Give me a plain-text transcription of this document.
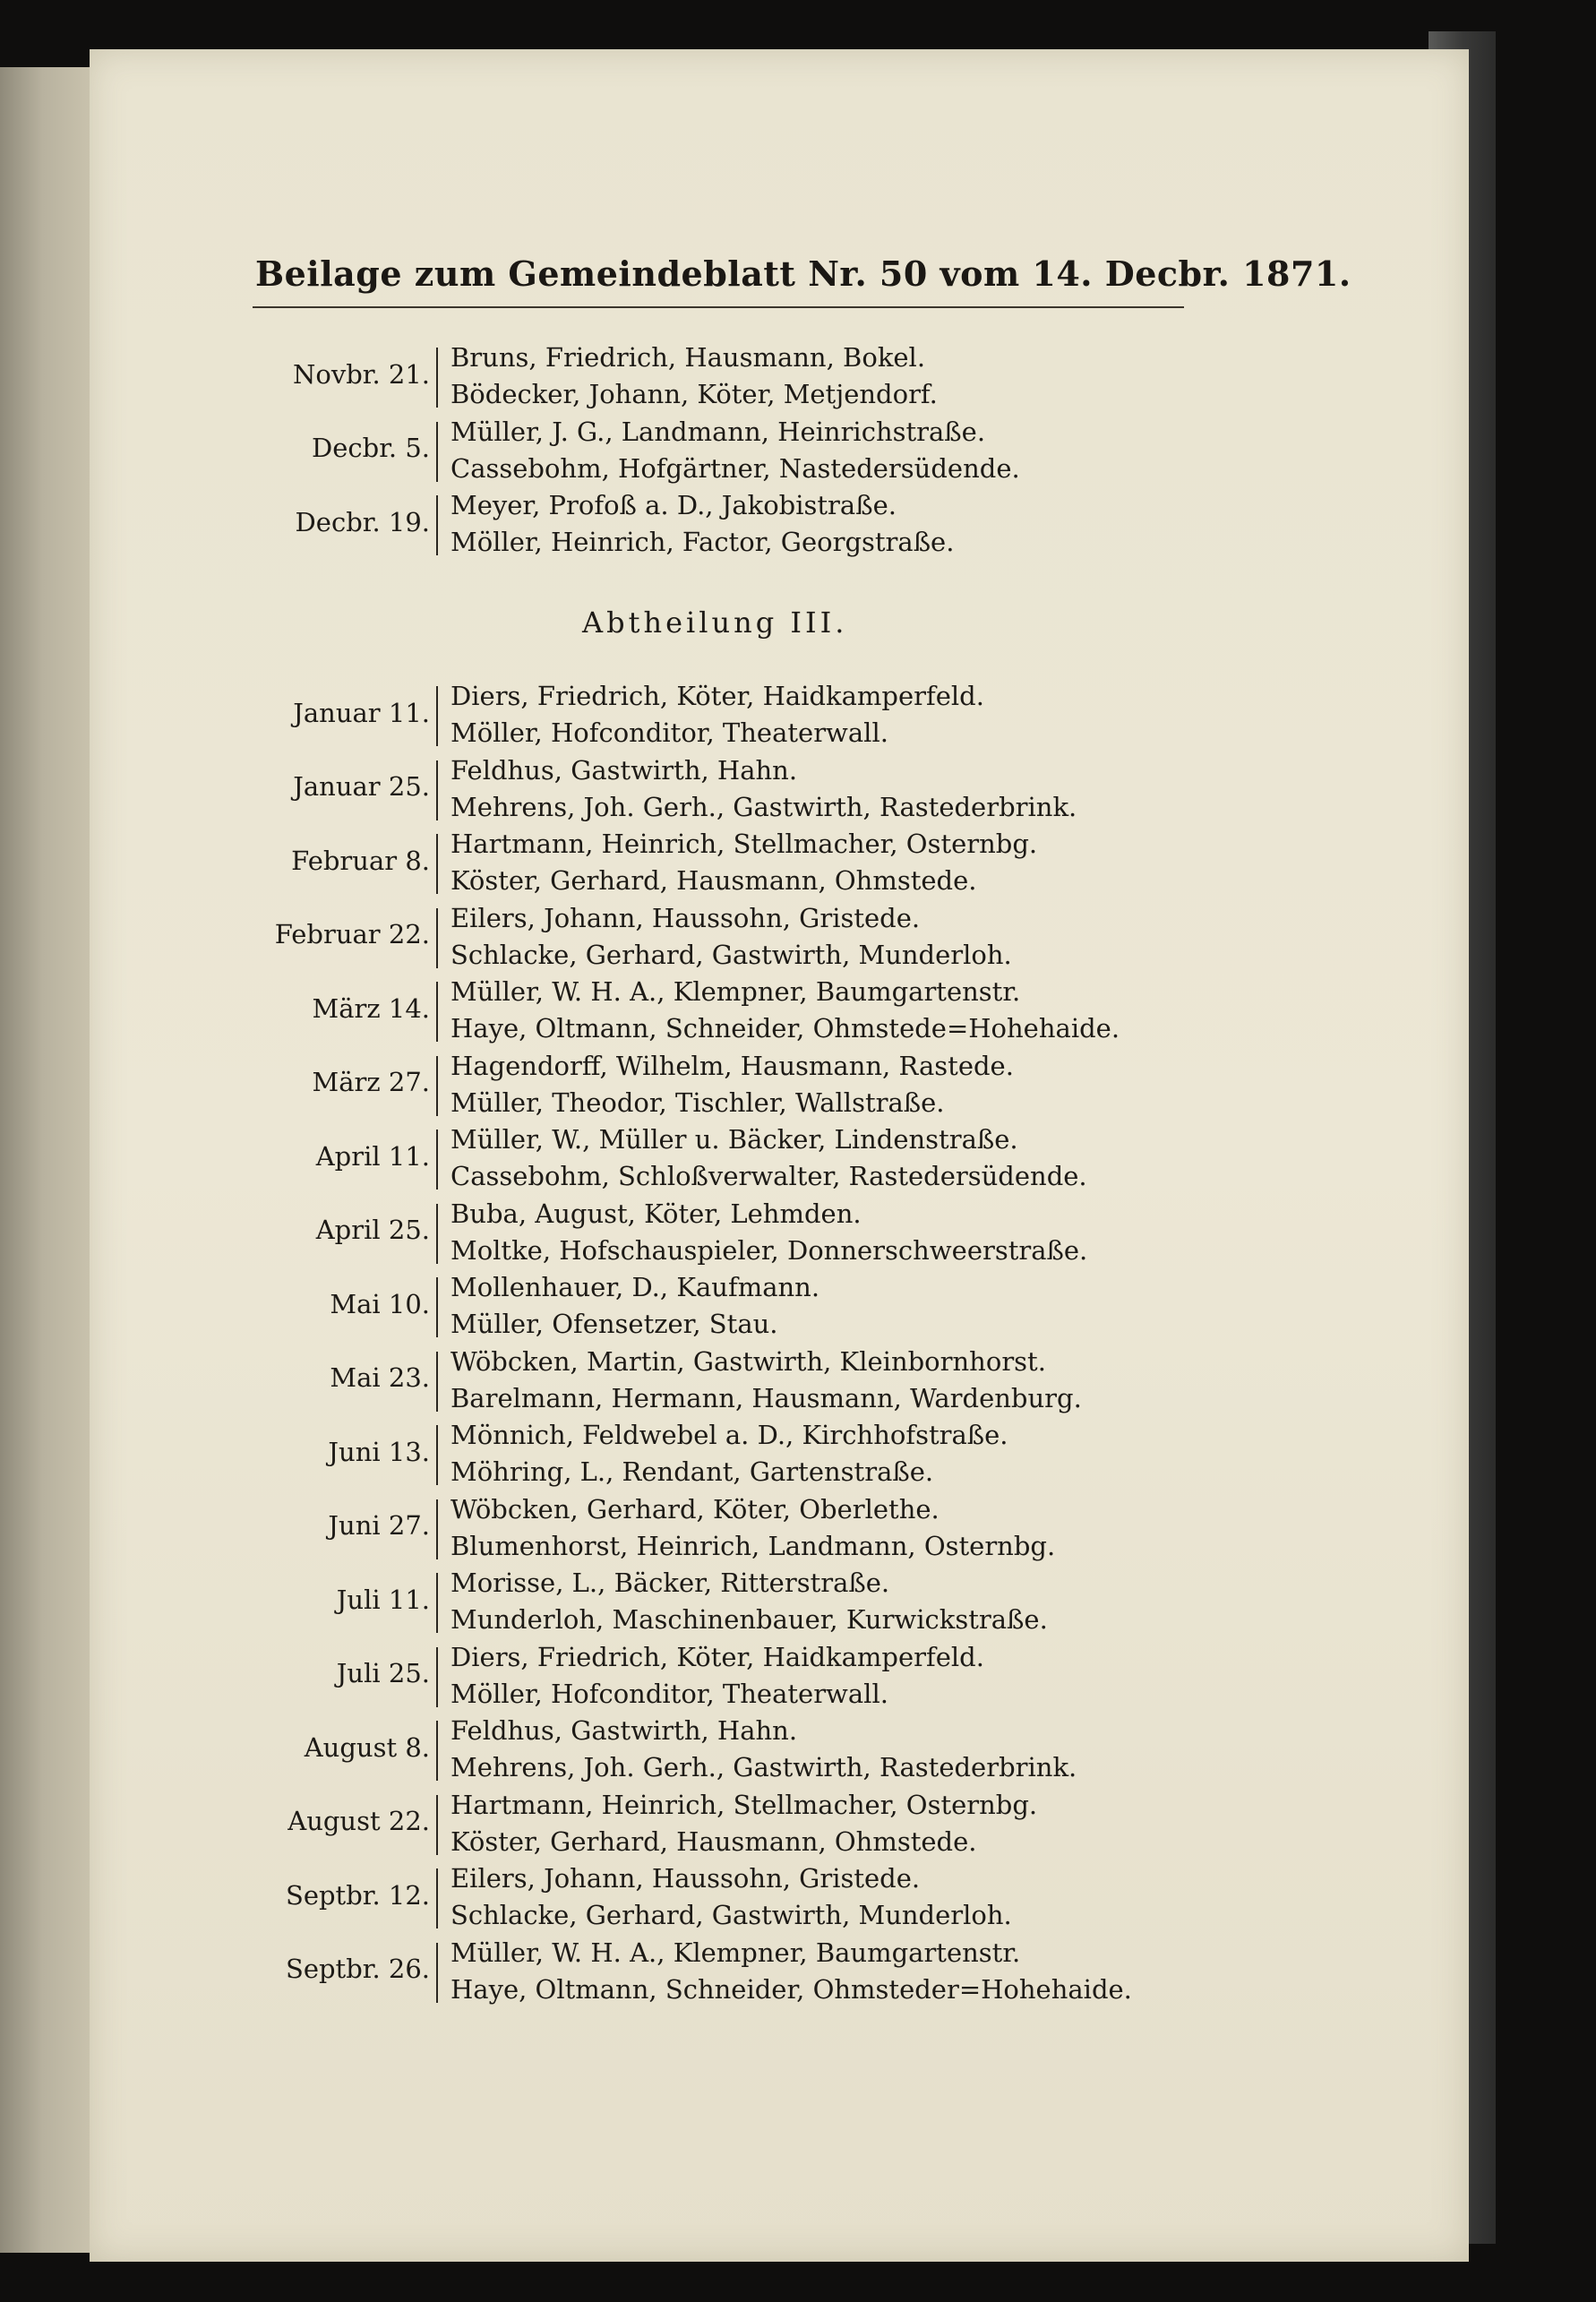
Beilage zum Gemeindeblatt Nr. 50 vom 14. Decbr. 1871.
Novbr. 21.
Bruns, Friedrich, Hausmann, Bokel.
Bödecker, Johann, Köter, Metjendorf.
Decbr. 5.
Müller, J. G., Landmann, Heinrichstraße.
Cassebohm, Hofgärtner, Nastedersüdende.
Decbr. 19.
Meyer, Profoß a. D., Jakobistraße.
Möller, Heinrich, Factor, Georgstraße.
Abtheilung III.
Januar 11.
Diers, Friedrich, Köter, Haidkamperfeld.
Möller, Hofconditor, Theaterwall.
Januar 25.
Feldhus, Gastwirth, Hahn.
Mehrens, Joh. Gerh., Gastwirth, Rastederbrink.
Februar 8.
Hartmann, Heinrich, Stellmacher, Osternbg.
Köster, Gerhard, Hausmann, Ohmstede.
Februar 22.
Eilers, Johann, Haussohn, Gristede.
Schlacke, Gerhard, Gastwirth, Munderloh.
März 14.
Müller, W. H. A., Klempner, Baumgartenstr.
Haye, Oltmann, Schneider, Ohmstede=Hohehaide.
März 27.
Hagendorff, Wilhelm, Hausmann, Rastede.
Müller, Theodor, Tischler, Wallstraße.
April 11.
Müller, W., Müller u. Bäcker, Lindenstraße.
Cassebohm, Schloßverwalter, Rastedersüdende.
April 25.
Buba, August, Köter, Lehmden.
Moltke, Hofschauspieler, Donnerschweerstraße.
Mai 10.
Mollenhauer, D., Kaufmann.
Müller, Ofensetzer, Stau.
Mai 23.
Wöbcken, Martin, Gastwirth, Kleinbornhorst.
Barelmann, Hermann, Hausmann, Wardenburg.
Juni 13.
Mönnich, Feldwebel a. D., Kirchhofstraße.
Möhring, L., Rendant, Gartenstraße.
Juni 27.
Wöbcken, Gerhard, Köter, Oberlethe.
Blumenhorst, Heinrich, Landmann, Osternbg.
Juli 11.
Morisse, L., Bäcker, Ritterstraße.
Munderloh, Maschinenbauer, Kurwickstraße.
Juli 25.
Diers, Friedrich, Köter, Haidkamperfeld.
Möller, Hofconditor, Theaterwall.
August 8.
Feldhus, Gastwirth, Hahn.
Mehrens, Joh. Gerh., Gastwirth, Rastederbrink.
August 22.
Hartmann, Heinrich, Stellmacher, Osternbg.
Köster, Gerhard, Hausmann, Ohmstede.
Septbr. 12.
Eilers, Johann, Haussohn, Gristede.
Schlacke, Gerhard, Gastwirth, Munderloh.
Septbr. 26.
Müller, W. H. A., Klempner, Baumgartenstr.
Haye, Oltmann, Schneider, Ohmsteder=Hohehaide.
